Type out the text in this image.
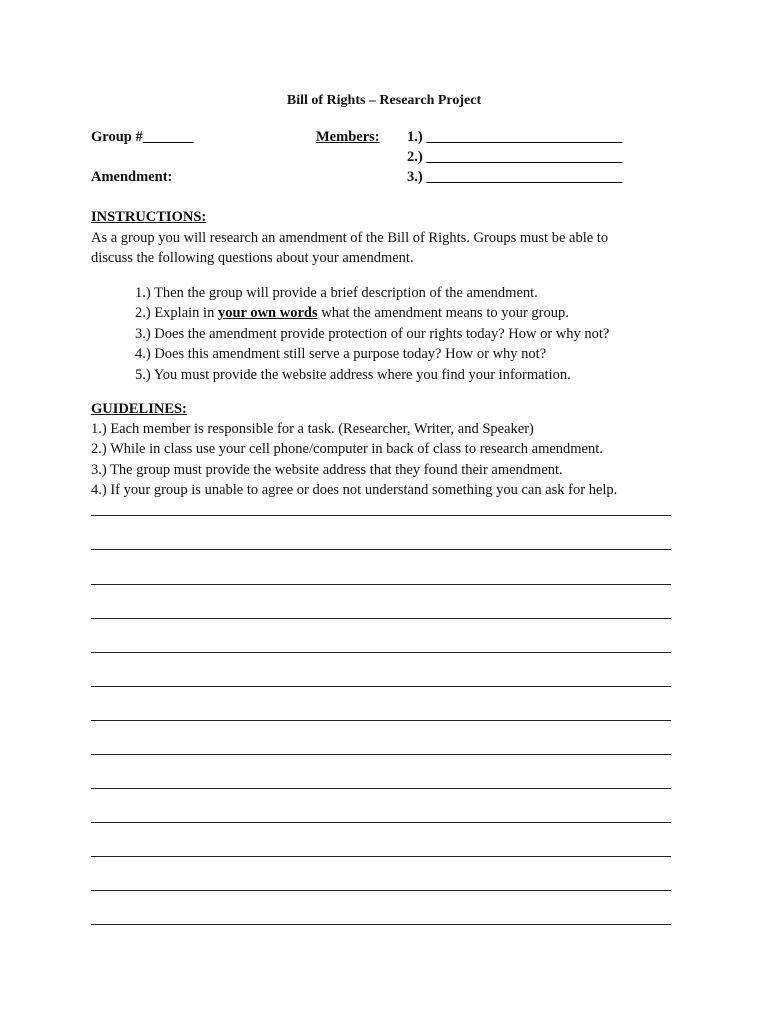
Bill of Rights – Research Project
Group #_______	Members: 1.) ___________________________
2.) ___________________________
3.) ___________________________
Amendment:
INSTRUCTIONS:
As a group you will research an amendment of the Bill of Rights. Groups must be able to
discuss the following questions about your amendment.
1.) Then the group will provide a brief description of the amendment.
2.) Explain in your own words what the amendment means to your group.
3.) Does the amendment provide protection of our rights today? How or why not?
4.) Does this amendment still serve a purpose today? How or why not?
5.) You must provide the website address where you find your information.
GUIDELINES:
1.) Each member is responsible for a task. (Researcher, Writer, and Speaker)
2.) While in class use your cell phone/computer in back of class to research amendment.
3.) The group must provide the website address that they found their amendment.
4.) If your group is unable to agree or does not understand something you can ask for help.
